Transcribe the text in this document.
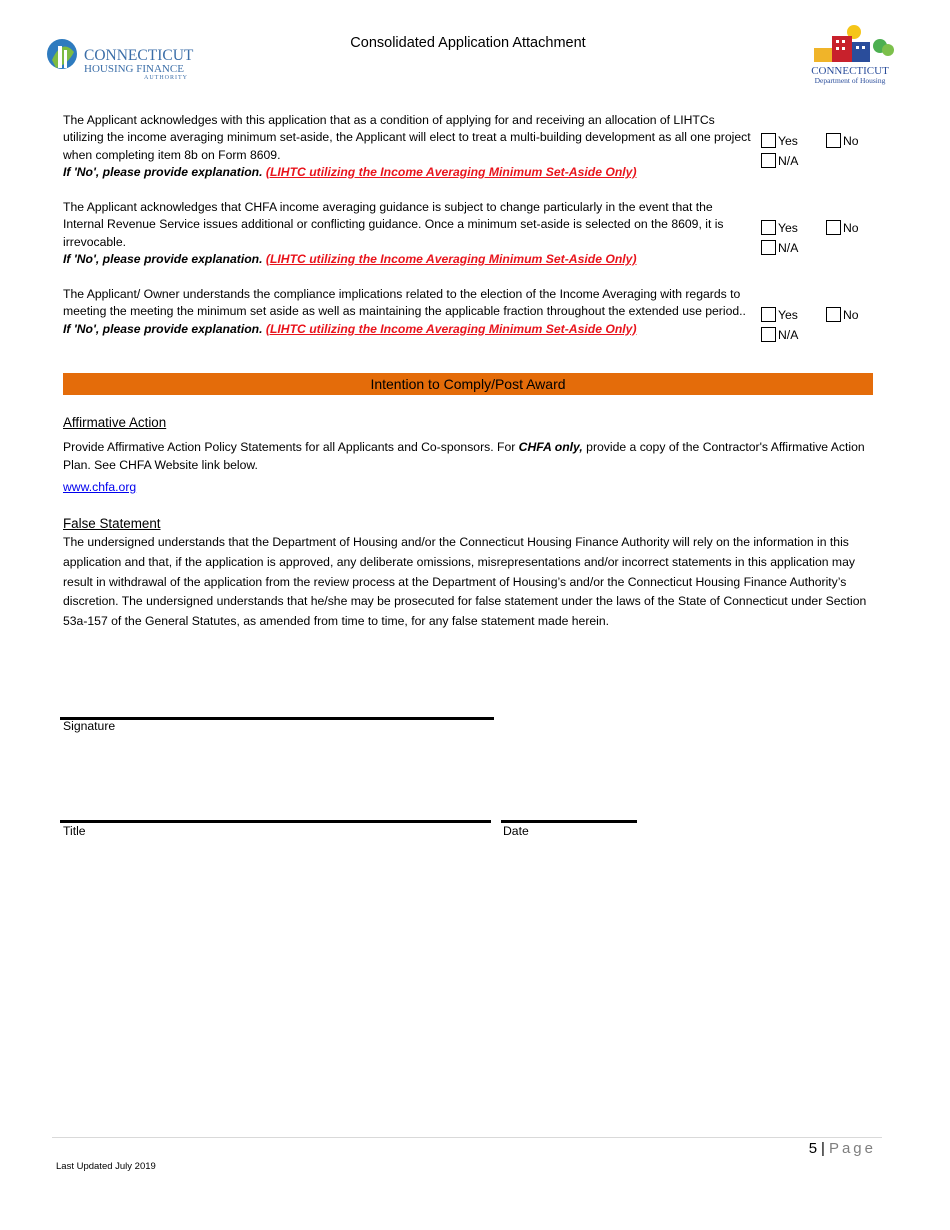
CONNECTICUT
HOUSING FINANCE
AUTHORITY
Consolidated Application Attachment
CONNECTICUT
Department of Housing
The Applicant acknowledges with this application that as a condition of applying for and receiving an allocation of LIHTCs utilizing the income averaging minimum set-aside, the Applicant will elect to treat a multi-building development as all one project when completing item 8b on Form 8609.
If 'No', please provide explanation. (LIHTC utilizing the Income Averaging Minimum Set-Aside Only)
Yes	No
N/A
The Applicant acknowledges that CHFA income averaging guidance is subject to change particularly in the event that the Internal Revenue Service issues additional or conflicting guidance. Once a minimum set-aside is selected on the 8609, it is irrevocable.
If 'No', please provide explanation. (LIHTC utilizing the Income Averaging Minimum Set-Aside Only)
Yes	No
N/A
The Applicant/ Owner understands the compliance implications related to the election of the Income Averaging with regards to meeting the meeting the minimum set aside as well as maintaining the applicable fraction throughout the extended use period..
If 'No', please provide explanation. (LIHTC utilizing the Income Averaging Minimum Set-Aside Only)
Yes	No
N/A
Intention to Comply/Post Award
Affirmative Action
Provide Affirmative Action Policy Statements for all Applicants and Co-sponsors. For CHFA only, provide a copy of the Contractor's Affirmative Action Plan. See CHFA Website link below.
www.chfa.org
False Statement
The undersigned understands that the Department of Housing and/or the Connecticut Housing Finance Authority will rely on the information in this application and that, if the application is approved, any deliberate omissions, misrepresentations and/or incorrect statements in this application may result in withdrawal of the application from the review process at the Department of Housing’s and/or the Connecticut Housing Finance Authority’s discretion. The undersigned understands that he/she may be prosecuted for false statement under the laws of the State of Connecticut under Section 53a-157 of the General Statutes, as amended from time to time, for any false statement made herein.
Signature
Title	Date
5 | Page
Last Updated July 2019
